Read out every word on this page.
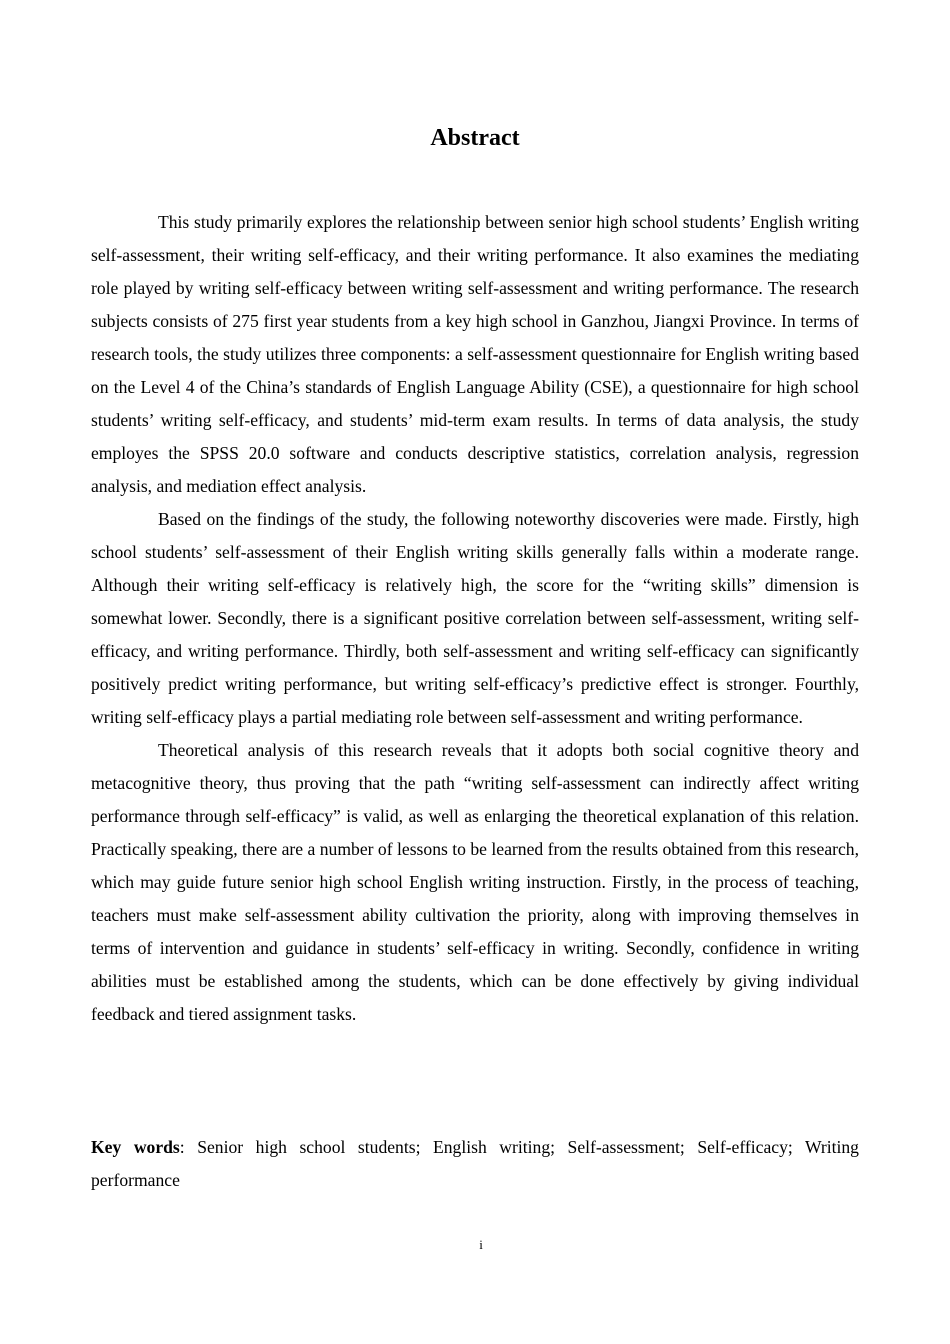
Abstract

This study primarily explores the relationship between senior high school students’ English writing self-assessment, their writing self-efficacy, and their writing performance. It also examines the mediating role played by writing self-efficacy between writing self-assessment and writing performance. The research subjects consists of 275 first year students from a key high school in Ganzhou, Jiangxi Province. In terms of research tools, the study utilizes three components: a self-assessment questionnaire for English writing based on the Level 4 of the China’s standards of English Language Ability (CSE), a questionnaire for high school students’ writing self-efficacy, and students’ mid-term exam results. In terms of data analysis, the study employes the SPSS 20.0 software and conducts descriptive statistics, correlation analysis, regression analysis, and mediation effect analysis.

Based on the findings of the study, the following noteworthy discoveries were made. Firstly, high school students’ self-assessment of their English writing skills generally falls within a moderate range. Although their writing self-efficacy is relatively high, the score for the “writing skills” dimension is somewhat lower. Secondly, there is a significant positive correlation between self-assessment, writing self-efficacy, and writing performance. Thirdly, both self-assessment and writing self-efficacy can significantly positively predict writing performance, but writing self-efficacy’s predictive effect is stronger. Fourthly, writing self-efficacy plays a partial mediating role between self-assessment and writing performance.

Theoretical analysis of this research reveals that it adopts both social cognitive theory and metacognitive theory, thus proving that the path “writing self-assessment can indirectly affect writing performance through self-efficacy” is valid, as well as enlarging the theoretical explanation of this relation. Practically speaking, there are a number of lessons to be learned from the results obtained from this research, which may guide future senior high school English writing instruction. Firstly, in the process of teaching, teachers must make self-assessment ability cultivation the priority, along with improving themselves in terms of intervention and guidance in students’ self-efficacy in writing. Secondly, confidence in writing abilities must be established among the students, which can be done effectively by giving individual feedback and tiered assignment tasks.

Key words: Senior high school students; English writing; Self-assessment; Self-efficacy; Writing performance

i
